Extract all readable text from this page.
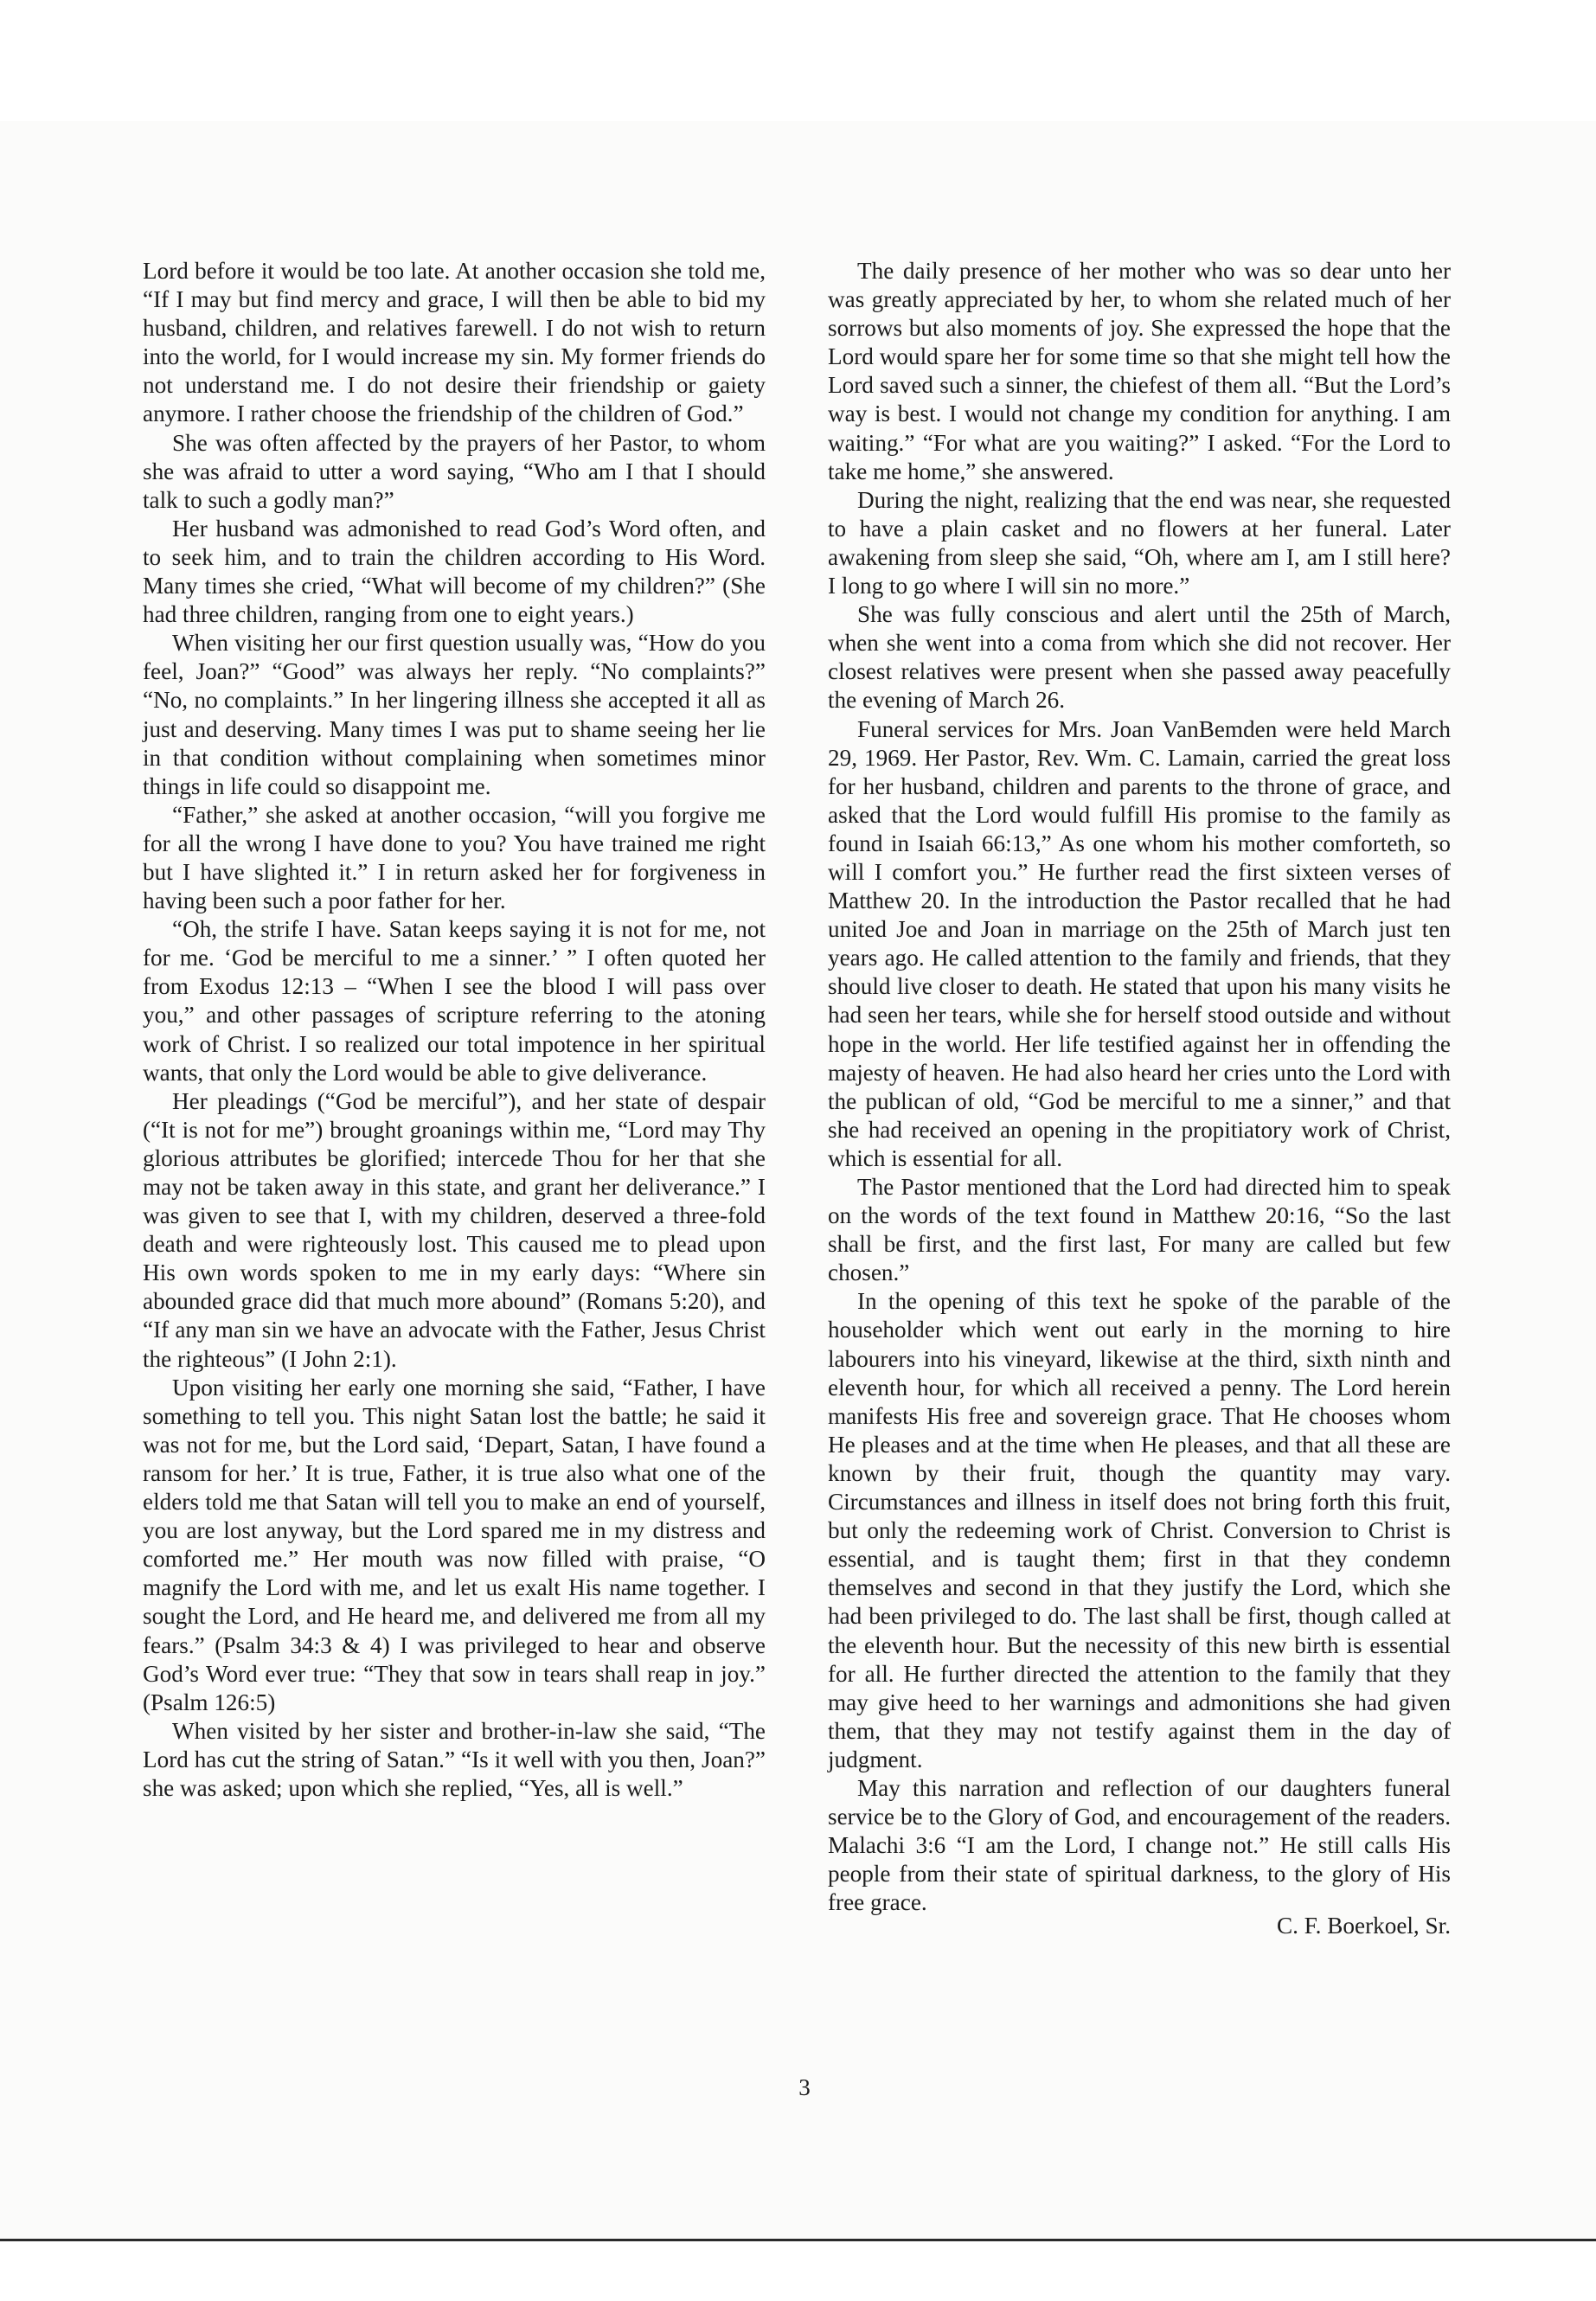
Lord before it would be too late. At another occasion she told me, “If I may but find mercy and grace, I will then be able to bid my husband, children, and relatives farewell. I do not wish to return into the world, for I would increase my sin. My former friends do not understand me. I do not desire their friendship or gaiety anymore. I rather choose the friendship of the children of God.”

She was often affected by the prayers of her Pastor, to whom she was afraid to utter a word saying, “Who am I that I should talk to such a godly man?”

Her husband was admonished to read God’s Word often, and to seek him, and to train the children according to His Word. Many times she cried, “What will become of my children?” (She had three children, ranging from one to eight years.)

When visiting her our first question usually was, “How do you feel, Joan?” “Good” was always her reply. “No complaints?” “No, no complaints.” In her lingering illness she accepted it all as just and deserving. Many times I was put to shame seeing her lie in that condition without complaining when sometimes minor things in life could so disappoint me.

“Father,” she asked at another occasion, “will you forgive me for all the wrong I have done to you? You have trained me right but I have slighted it.” I in return asked her for forgiveness in having been such a poor father for her.

“Oh, the strife I have. Satan keeps saying it is not for me, not for me. ‘God be merciful to me a sinner.’ ” I often quoted her from Exodus 12:13 – “When I see the blood I will pass over you,” and other passages of scripture referring to the atoning work of Christ. I so realized our total impotence in her spiritual wants, that only the Lord would be able to give deliverance.

Her pleadings (“God be merciful”), and her state of despair (“It is not for me”) brought groanings within me, “Lord may Thy glorious attributes be glorified; intercede Thou for her that she may not be taken away in this state, and grant her deliverance.” I was given to see that I, with my children, deserved a three-fold death and were righteously lost. This caused me to plead upon His own words spoken to me in my early days: “Where sin abounded grace did that much more abound” (Romans 5:20), and “If any man sin we have an advocate with the Father, Jesus Christ the righteous” (I John 2:1).

Upon visiting her early one morning she said, “Father, I have something to tell you. This night Satan lost the battle; he said it was not for me, but the Lord said, ‘Depart, Satan, I have found a ransom for her.’ It is true, Father, it is true also what one of the elders told me that Satan will tell you to make an end of yourself, you are lost anyway, but the Lord spared me in my distress and comforted me.” Her mouth was now filled with praise, “O magnify the Lord with me, and let us exalt His name together. I sought the Lord, and He heard me, and delivered me from all my fears.” (Psalm 34:3 & 4) I was privileged to hear and observe God’s Word ever true: “They that sow in tears shall reap in joy.” (Psalm 126:5)

When visited by her sister and brother-in-law she said, “The Lord has cut the string of Satan.” “Is it well with you then, Joan?” she was asked; upon which she replied, “Yes, all is well.”

The daily presence of her mother who was so dear unto her was greatly appreciated by her, to whom she related much of her sorrows but also moments of joy. She expressed the hope that the Lord would spare her for some time so that she might tell how the Lord saved such a sinner, the chiefest of them all. “But the Lord’s way is best. I would not change my condition for anything. I am waiting.” “For what are you waiting?” I asked. “For the Lord to take me home,” she answered.

During the night, realizing that the end was near, she requested to have a plain casket and no flowers at her funeral. Later awakening from sleep she said, “Oh, where am I, am I still here? I long to go where I will sin no more.”

She was fully conscious and alert until the 25th of March, when she went into a coma from which she did not recover. Her closest relatives were present when she passed away peacefully the evening of March 26.

Funeral services for Mrs. Joan VanBemden were held March 29, 1969. Her Pastor, Rev. Wm. C. Lamain, carried the great loss for her husband, children and parents to the throne of grace, and asked that the Lord would fulfill His promise to the family as found in Isaiah 66:13,” As one whom his mother comforteth, so will I comfort you.” He further read the first sixteen verses of Matthew 20. In the introduction the Pastor recalled that he had united Joe and Joan in marriage on the 25th of March just ten years ago. He called attention to the family and friends, that they should live closer to death. He stated that upon his many visits he had seen her tears, while she for herself stood outside and without hope in the world. Her life testified against her in offending the majesty of heaven. He had also heard her cries unto the Lord with the publican of old, “God be merciful to me a sinner,” and that she had received an opening in the propitiatory work of Christ, which is essential for all.

The Pastor mentioned that the Lord had directed him to speak on the words of the text found in Matthew 20:16, “So the last shall be first, and the first last, For many are called but few chosen.”

In the opening of this text he spoke of the parable of the householder which went out early in the morning to hire labourers into his vineyard, likewise at the third, sixth ninth and eleventh hour, for which all received a penny. The Lord herein manifests His free and sovereign grace. That He chooses whom He pleases and at the time when He pleases, and that all these are known by their fruit, though the quantity may vary. Circumstances and illness in itself does not bring forth this fruit, but only the redeeming work of Christ. Conversion to Christ is essential, and is taught them; first in that they condemn themselves and second in that they justify the Lord, which she had been privileged to do. The last shall be first, though called at the eleventh hour. But the necessity of this new birth is essential for all. He further directed the attention to the family that they may give heed to her warnings and admonitions she had given them, that they may not testify against them in the day of judgment.

May this narration and reflection of our daughters funeral service be to the Glory of God, and encouragement of the readers. Malachi 3:6 “I am the Lord, I change not.” He still calls His people from their state of spiritual darkness, to the glory of His free grace.

C. F. Boerkoel, Sr.
3
